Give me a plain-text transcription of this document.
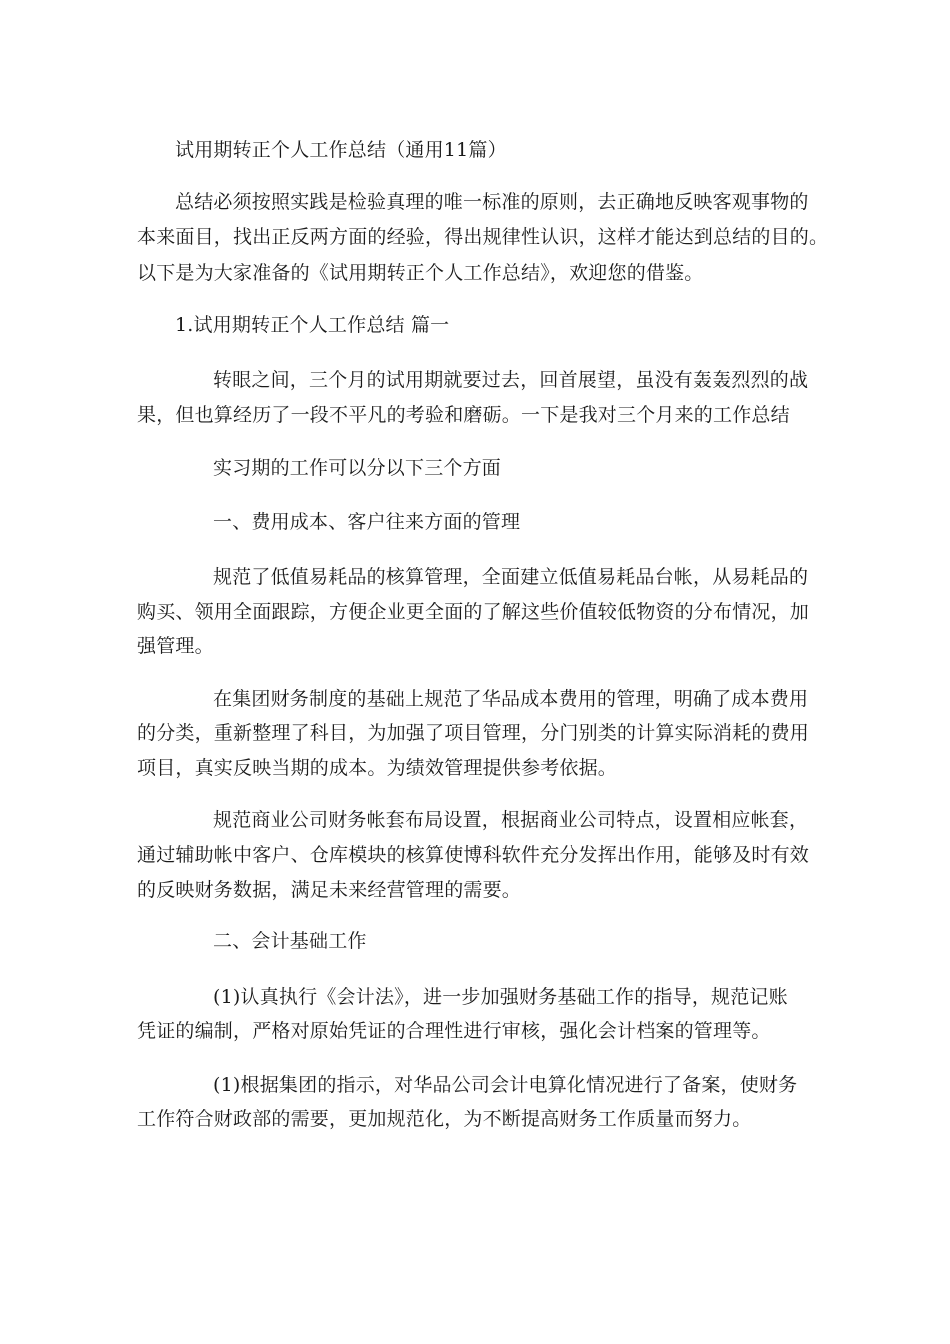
试用期转正个人工作总结（通用11篇）
总结必须按照实践是检验真理的唯一标准的原则，去正确地反映客观事物的
本来面目，找出正反两方面的经验，得出规律性认识，这样才能达到总结的目的。
以下是为大家准备的《试用期转正个人工作总结》，欢迎您的借鉴。
1.试用期转正个人工作总结 篇一
转眼之间，三个月的试用期就要过去，回首展望，虽没有轰轰烈烈的战
果，但也算经历了一段不平凡的考验和磨砺。一下是我对三个月来的工作总结
实习期的工作可以分以下三个方面
一、费用成本、客户往来方面的管理
规范了低值易耗品的核算管理，全面建立低值易耗品台帐，从易耗品的
购买、领用全面跟踪，方便企业更全面的了解这些价值较低物资的分布情况，加
强管理。
在集团财务制度的基础上规范了华品成本费用的管理，明确了成本费用
的分类，重新整理了科目，为加强了项目管理，分门别类的计算实际消耗的费用
项目，真实反映当期的成本。为绩效管理提供参考依据。
规范商业公司财务帐套布局设置，根据商业公司特点，设置相应帐套，
通过辅助帐中客户、仓库模块的核算使博科软件充分发挥出作用，能够及时有效
的反映财务数据，满足未来经营管理的需要。
二、会计基础工作
(1)认真执行《会计法》，进一步加强财务基础工作的指导，规范记账
凭证的编制，严格对原始凭证的合理性进行审核，强化会计档案的管理等。
(1)根据集团的指示，对华品公司会计电算化情况进行了备案，使财务
工作符合财政部的需要，更加规范化，为不断提高财务工作质量而努力。
